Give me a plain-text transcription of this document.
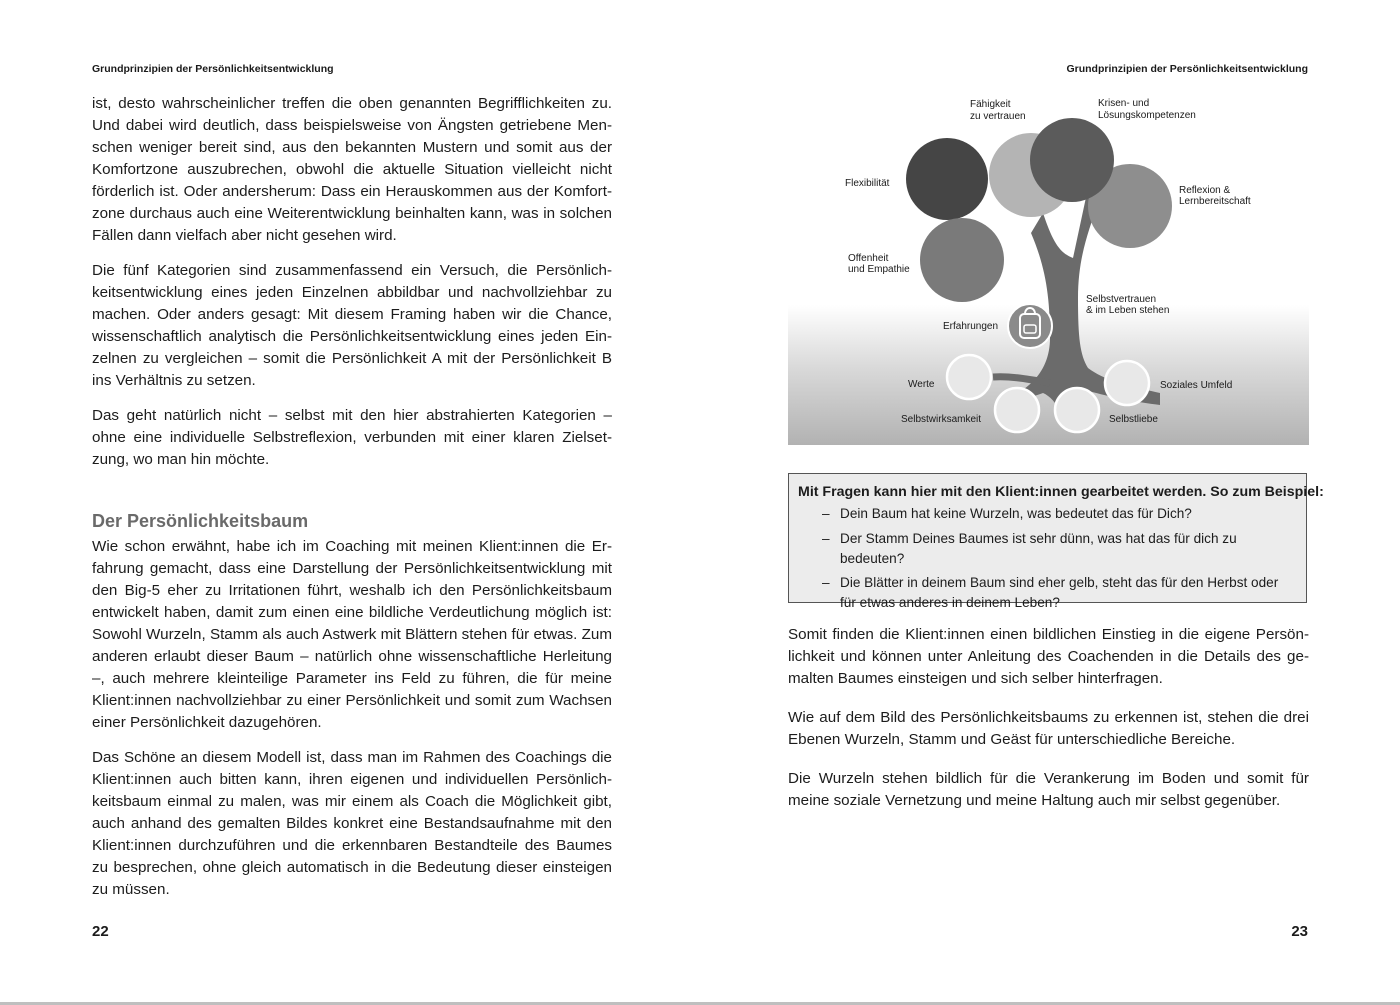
Grundprinzipien der Persönlichkeitsentwicklung

ist, desto wahrscheinlicher treffen die oben genannten Begrifflichkeiten zu. Und dabei wird deutlich, dass beispielsweise von Ängsten getriebene Menschen weniger bereit sind, aus den bekannten Mustern und somit aus der Komfortzone auszubrechen, obwohl die aktuelle Situation vielleicht nicht förderlich ist. Oder andersherum: Dass ein Herauskommen aus der Komfortzone durchaus auch eine Weiterentwicklung beinhalten kann, was in solchen Fällen dann vielfach aber nicht gesehen wird.

Die fünf Kategorien sind zusammenfassend ein Versuch, die Persönlichkeitsentwicklung eines jeden Einzelnen abbildbar und nachvollziehbar zu machen. Oder anders gesagt: Mit diesem Framing haben wir die Chance, wissenschaftlich analytisch die Persönlichkeitsentwicklung eines jeden Einzelnen zu vergleichen – somit die Persönlichkeit A mit der Persönlichkeit B ins Verhältnis zu setzen.

Das geht natürlich nicht – selbst mit den hier abstrahierten Kategorien – ohne eine individuelle Selbstreflexion, verbunden mit einer klaren Zielsetzung, wo man hin möchte.

Der Persönlichkeitsbaum

Wie schon erwähnt, habe ich im Coaching mit meinen Klient:innen die Erfahrung gemacht, dass eine Darstellung der Persönlichkeitsentwicklung mit den Big-5 eher zu Irritationen führt, weshalb ich den Persönlichkeitsbaum entwickelt haben, damit zum einen eine bildliche Verdeutlichung möglich ist: Sowohl Wurzeln, Stamm als auch Astwerk mit Blättern stehen für etwas. Zum anderen erlaubt dieser Baum – natürlich ohne wissenschaftliche Herleitung –, auch mehrere kleinteilige Parameter ins Feld zu führen, die für meine Klient:innen nachvollziehbar zu einer Persönlichkeit und somit zum Wachsen einer Persönlichkeit dazugehören.

Das Schöne an diesem Modell ist, dass man im Rahmen des Coachings die Klient:innen auch bitten kann, ihren eigenen und individuellen Persönlichkeitsbaum einmal zu malen, was mir einem als Coach die Möglichkeit gibt, auch anhand des gemalten Bildes konkret eine Bestandsaufnahme mit den Klient:innen durchzuführen und die erkennbaren Bestandteile des Baumes zu besprechen, ohne gleich automatisch in die Bedeutung dieser einsteigen zu müssen.

22
Grundprinzipien der Persönlichkeitsentwicklung
Fähigkeit
zu vertrauen
Krisen- und
Lösungskompetenzen
Flexibilität
Reflexion &
Lernbereitschaft
Offenheit
und Empathie
Selbstvertrauen
& im Leben stehen
Erfahrungen
Werte	Soziales Umfeld
Selbstwirksamkeit	Selbstliebe

Mit Fragen kann hier mit den Klient:innen gearbeitet werden. So zum Beispiel:

– Dein Baum hat keine Wurzeln, was bedeutet das für Dich?
– Der Stamm Deines Baumes ist sehr dünn, was hat das für dich zu bedeuten?
– Die Blätter in deinem Baum sind eher gelb, steht das für den Herbst oder für etwas anderes in deinem Leben?

Somit finden die Klient:innen einen bildlichen Einstieg in die eigene Persönlichkeit und können unter Anleitung des Coachenden in die Details des gemalten Baumes einsteigen und sich selber hinterfragen.

Wie auf dem Bild des Persönlichkeitsbaums zu erkennen ist, stehen die drei Ebenen Wurzeln, Stamm und Geäst für unterschiedliche Bereiche.

Die Wurzeln stehen bildlich für die Verankerung im Boden und somit für meine soziale Vernetzung und meine Haltung auch mir selbst gegenüber.

23
